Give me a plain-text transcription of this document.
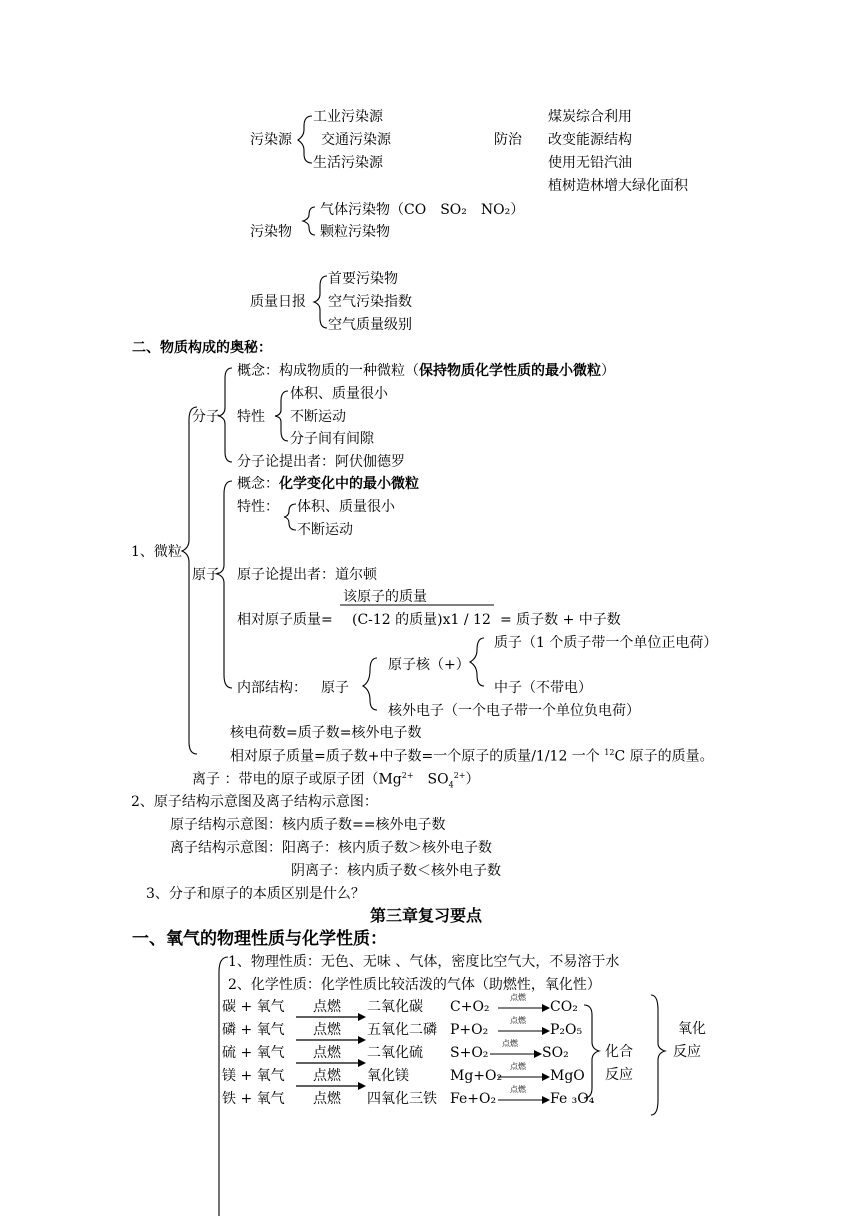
污染源
工业污染源
交通污染源
生活污染源
防治
煤炭综合利用
改变能源结构
使用无铅汽油
植树造林增大绿化面积
污染物
气体污染物（CO　SO₂　NO₂）
颗粒污染物
质量日报
首要污染物
空气污染指数
空气质量级别
二、物质构成的奥秘：
分子
概念：构成物质的一种微粒（保持物质化学性质的最小微粒）
特性
体积、质量很小
不断运动
分子间有间隙
分子论提出者：阿伏伽德罗
1、微粒
原子
概念：化学变化中的最小微粒
特性： 体积、质量很小
不断运动
原子论提出者：道尔顿
该原子的质量
相对原子质量= (C-12 的质量)x1 / 12 = 质子数 + 中子数
质子（1 个质子带一个单位正电荷）
原子核（+）
中子（不带电）
内部结构： 原子
核外电子（一个电子带一个单位负电荷）
核电荷数=质子数=核外电子数
相对原子质量=质子数+中子数=一个原子的质量/1/12 一个 $^{12}$C 原子的质量。
离子 ：带电的原子或原子团（$Mg^{2+}$　$SO_4^{2+}$）
2、原子结构示意图及离子结构示意图：
原子结构示意图：核内质子数==核外电子数
离子结构示意图：阳离子：核内质子数＞核外电子数
阴离子：核内质子数＜核外电子数
3、分子和原子的本质区别是什么？
第三章复习要点
一、氧气的物理性质与化学性质：
1、物理性质：无色、无味 、气体，密度比空气大，不易溶于水
2、化学性质：化学性质比较活泼的气体（助燃性，氧化性）
碳 + 氧气 点燃 二氧化碳 C+O₂
点燃
CO₂
磷 + 氧气 点燃 五氧化二磷 P+O₂
点燃
P₂O₅
硫 + 氧气 点燃 二氧化硫 S+O₂
点燃
SO₂
镁 + 氧气 点燃 氧化镁	Mg+O₂
点燃
MgO
铁 + 氧气 点燃 四氧化三铁 Fe+O₂
点燃
Fe ₃O₄
化合
反应
氧化
反应
